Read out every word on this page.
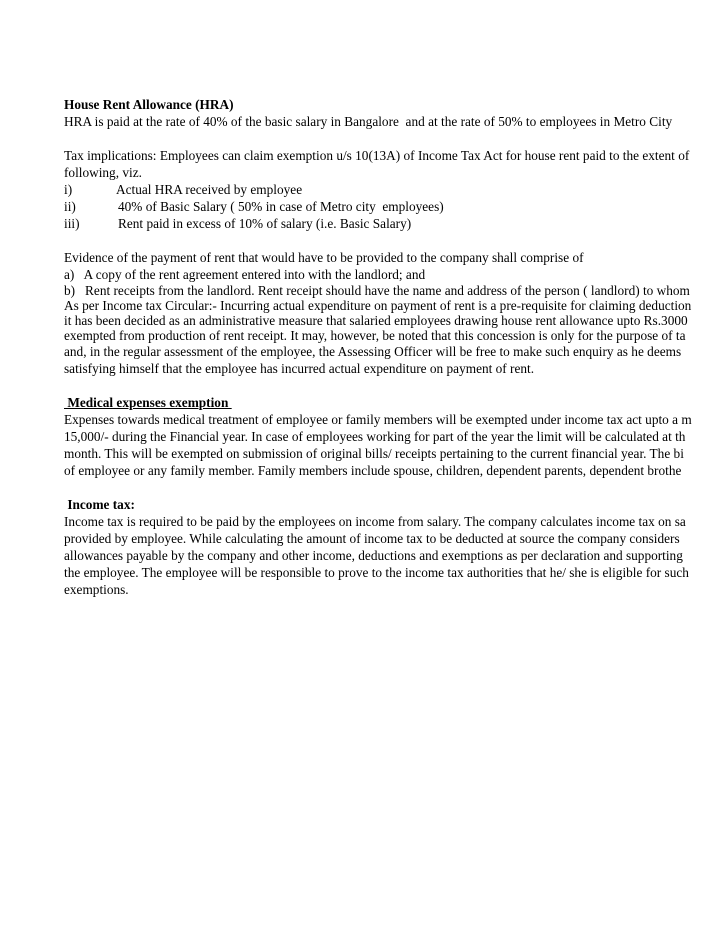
House Rent Allowance (HRA)
HRA is paid at the rate of 40% of the basic salary in Bangalore  and at the rate of 50% to employees in Metro City
Tax implications: Employees can claim exemption u/s 10(13A) of Income Tax Act for house rent paid to the extent of
following, viz.
i)	Actual HRA received by employee
ii)	40% of Basic Salary ( 50% in case of Metro city  employees)
iii)	Rent paid in excess of 10% of salary (i.e. Basic Salary)
Evidence of the payment of rent that would have to be provided to the company shall comprise of
a)   A copy of the rent agreement entered into with the landlord; and
b)   Rent receipts from the landlord. Rent receipt should have the name and address of the person ( landlord) to whom
As per Income tax Circular:- Incurring actual expenditure on payment of rent is a pre-requisite for claiming deduction
it has been decided as an administrative measure that salaried employees drawing house rent allowance upto Rs.3000
exempted from production of rent receipt. It may, however, be noted that this concession is only for the purpose of ta
and, in the regular assessment of the employee, the Assessing Officer will be free to make such enquiry as he deems
satisfying himself that the employee has incurred actual expenditure on payment of rent.
Medical expenses exemption
Expenses towards medical treatment of employee or family members will be exempted under income tax act upto a m
15,000/- during the Financial year. In case of employees working for part of the year the limit will be calculated at th
month. This will be exempted on submission of original bills/ receipts pertaining to the current financial year. The bi
of employee or any family member. Family members include spouse, children, dependent parents, dependent brothe
Income tax:
Income tax is required to be paid by the employees on income from salary. The company calculates income tax on sa
provided by employee. While calculating the amount of income tax to be deducted at source the company considers
allowances payable by the company and other income, deductions and exemptions as per declaration and supporting
the employee. The employee will be responsible to prove to the income tax authorities that he/ she is eligible for such
exemptions.
